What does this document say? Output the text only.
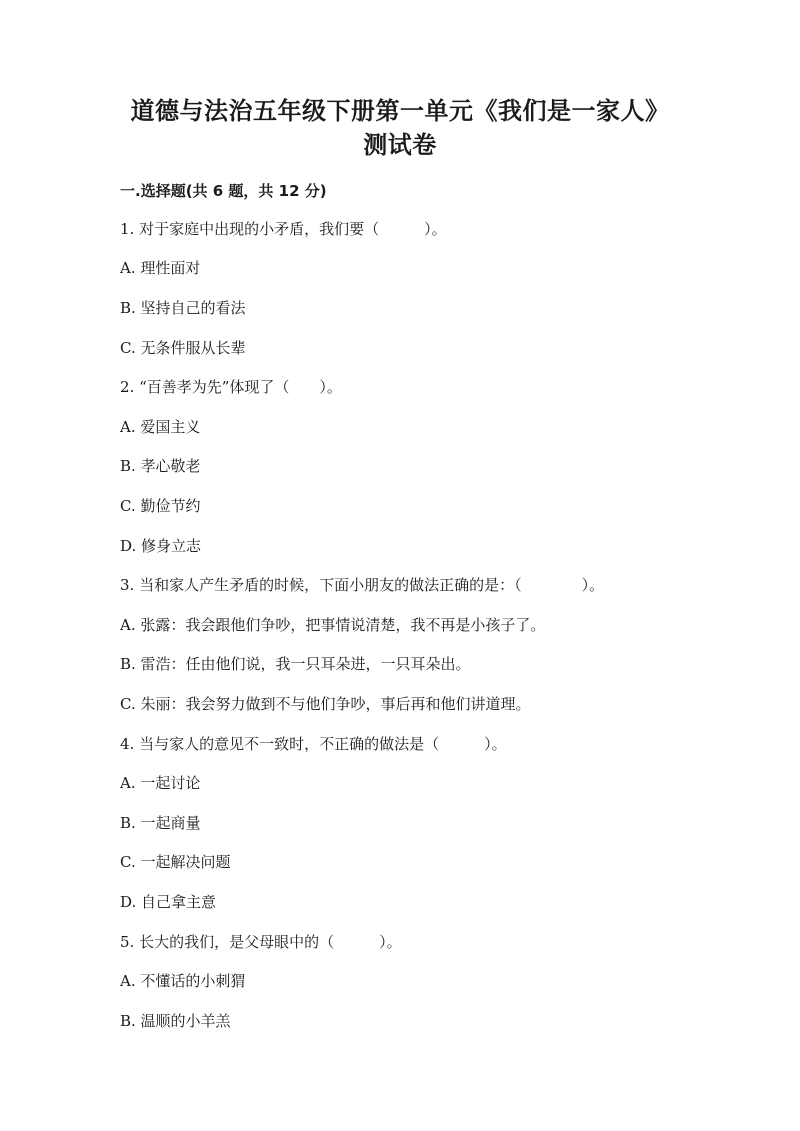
道德与法治五年级下册第一单元《我们是一家人》
测试卷
一.选择题(共 6 题，共 12 分)
1. 对于家庭中出现的小矛盾，我们要（　　　）。
A. 理性面对
B. 坚持自己的看法
C. 无条件服从长辈
2. “百善孝为先”体现了（　　）。
A. 爱国主义
B. 孝心敬老
C. 勤俭节约
D. 修身立志
3. 当和家人产生矛盾的时候，下面小朋友的做法正确的是：（　　　　）。
A. 张露：我会跟他们争吵，把事情说清楚，我不再是小孩子了。
B. 雷浩：任由他们说，我一只耳朵进，一只耳朵出。
C. 朱丽：我会努力做到不与他们争吵，事后再和他们讲道理。
4. 当与家人的意见不一致时，不正确的做法是（　　　）。
A. 一起讨论
B. 一起商量
C. 一起解决问题
D. 自己拿主意
5. 长大的我们，是父母眼中的（　　　）。
A. 不懂话的小刺猬
B. 温顺的小羊羔
